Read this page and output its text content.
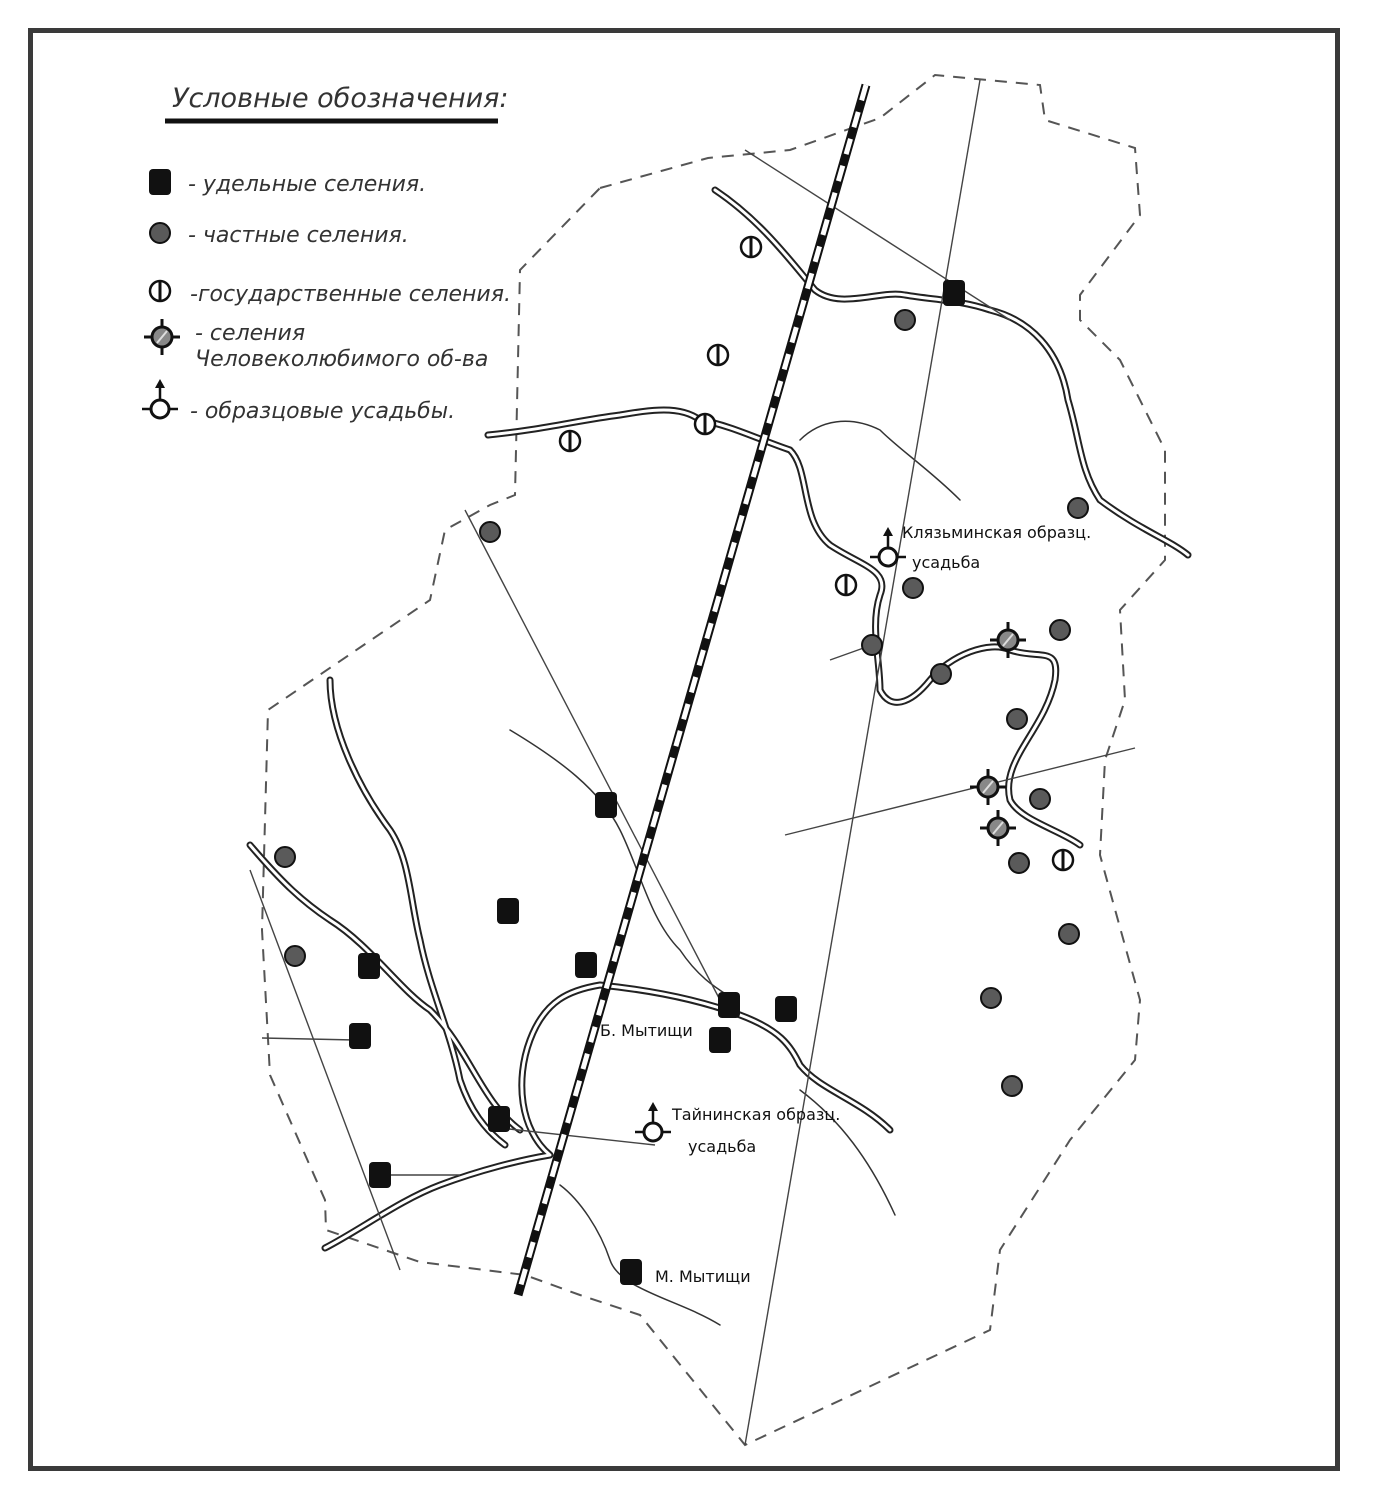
Б. Мытищи
М. Мытищи
Клязьминская образц.
усадьба
Тайнинская образц.
усадьба
Условные обозначения:
- удельные селения.
- частные селения.
-государственные селения.
- селения
Человеколюбимого об-ва
- образцовые усадьбы.
